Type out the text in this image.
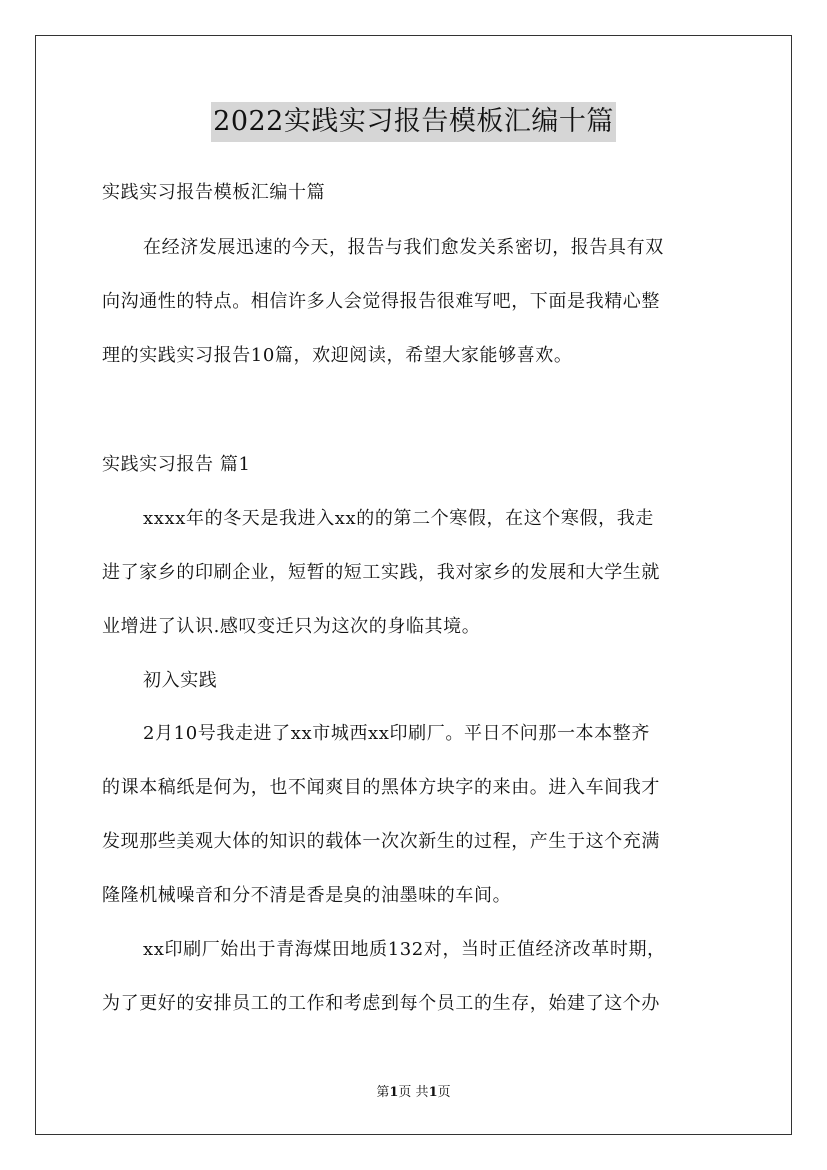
2022实践实习报告模板汇编十篇
实践实习报告模板汇编十篇
在经济发展迅速的今天，报告与我们愈发关系密切，报告具有双
向沟通性的特点。相信许多人会觉得报告很难写吧，下面是我精心整
理的实践实习报告10篇，欢迎阅读，希望大家能够喜欢。
实践实习报告 篇1
xxxx年的冬天是我进入xx的的第二个寒假，在这个寒假，我走
进了家乡的印刷企业，短暂的短工实践，我对家乡的发展和大学生就
业增进了认识.感叹变迁只为这次的身临其境。
初入实践
2月10号我走进了xx市城西xx印刷厂。平日不问那一本本整齐
的课本稿纸是何为，也不闻爽目的黑体方块字的来由。进入车间我才
发现那些美观大体的知识的载体一次次新生的过程，产生于这个充满
隆隆机械噪音和分不清是香是臭的油墨味的车间。
xx印刷厂始出于青海煤田地质132对，当时正值经济改革时期，
为了更好的安排员工的工作和考虑到每个员工的生存，始建了这个办
第1页 共1页
